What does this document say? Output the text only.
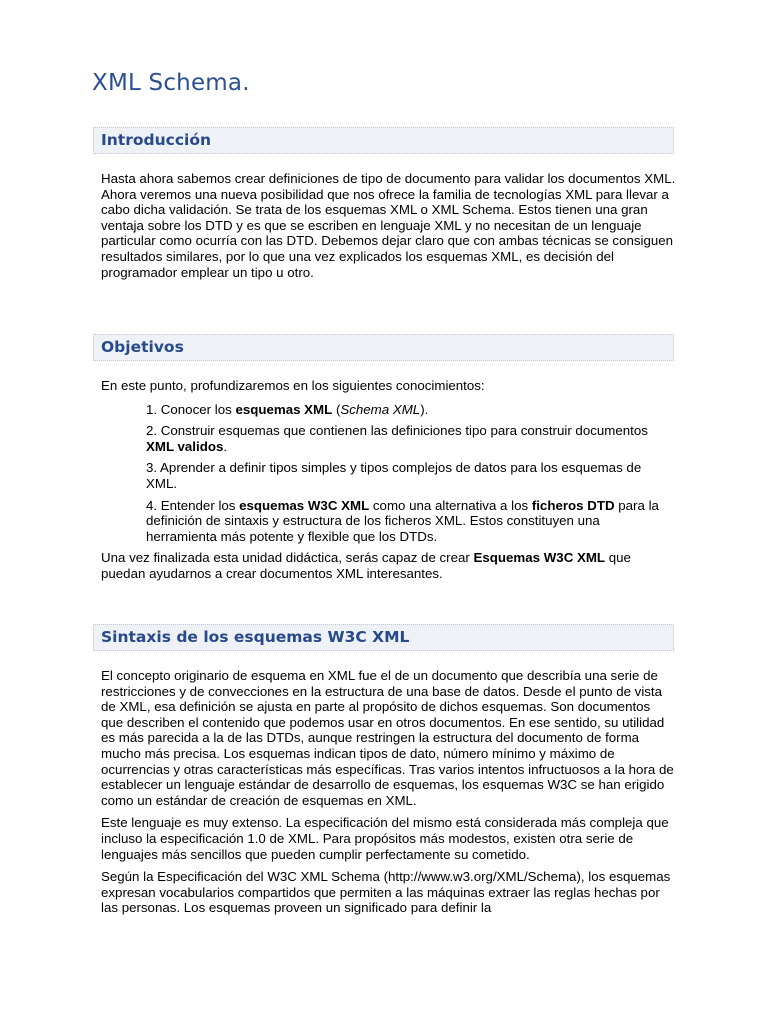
XML Schema.
Introducción

Hasta ahora sabemos crear definiciones de tipo de documento para validar los documentos XML. Ahora veremos una nueva posibilidad que nos ofrece la familia de tecnologías XML para llevar a cabo dicha validación. Se trata de los esquemas XML o XML Schema. Estos tienen una gran ventaja sobre los DTD y es que se escriben en lenguaje XML y no necesitan de un lenguaje particular como ocurría con las DTD. Debemos dejar claro que con ambas técnicas se consiguen resultados similares, por lo que una vez explicados los esquemas XML, es decisión del programador emplear un tipo u otro.

Objetivos

En este punto, profundizaremos en los siguientes conocimientos:

1. Conocer los esquemas XML (Schema XML).

2. Construir esquemas que contienen las definiciones tipo para construir documentos XML validos.

3. Aprender a definir tipos simples y tipos complejos de datos para los esquemas de XML.

4. Entender los esquemas W3C XML como una alternativa a los ficheros DTD para la definición de sintaxis y estructura de los ficheros XML. Estos constituyen una herramienta más potente y flexible que los DTDs.

Una vez finalizada esta unidad didáctica, serás capaz de crear Esquemas W3C XML que puedan ayudarnos a crear documentos XML interesantes.

Sintaxis de los esquemas W3C XML

El concepto originario de esquema en XML fue el de un documento que describía una serie de restricciones y de convecciones en la estructura de una base de datos. Desde el punto de vista de XML, esa definición se ajusta en parte al propósito de dichos esquemas. Son documentos que describen el contenido que podemos usar en otros documentos. En ese sentido, su utilidad es más parecida a la de las DTDs, aunque restringen la estructura del documento de forma mucho más precisa. Los esquemas indican tipos de dato, número mínimo y máximo de ocurrencias y otras características más específicas. Tras varios intentos infructuosos a la hora de establecer un lenguaje estándar de desarrollo de esquemas, los esquemas W3C se han erigido como un estándar de creación de esquemas en XML.

Este lenguaje es muy extenso. La especificación del mismo está considerada más compleja que incluso la especificación 1.0 de XML. Para propósitos más modestos, existen otra serie de lenguajes más sencillos que pueden cumplir perfectamente su cometido.

Según la Especificación del W3C XML Schema (http://www.w3.org/XML/Schema), los esquemas expresan vocabularios compartidos que permiten a las máquinas extraer las reglas hechas por las personas. Los esquemas proveen un significado para definir la
